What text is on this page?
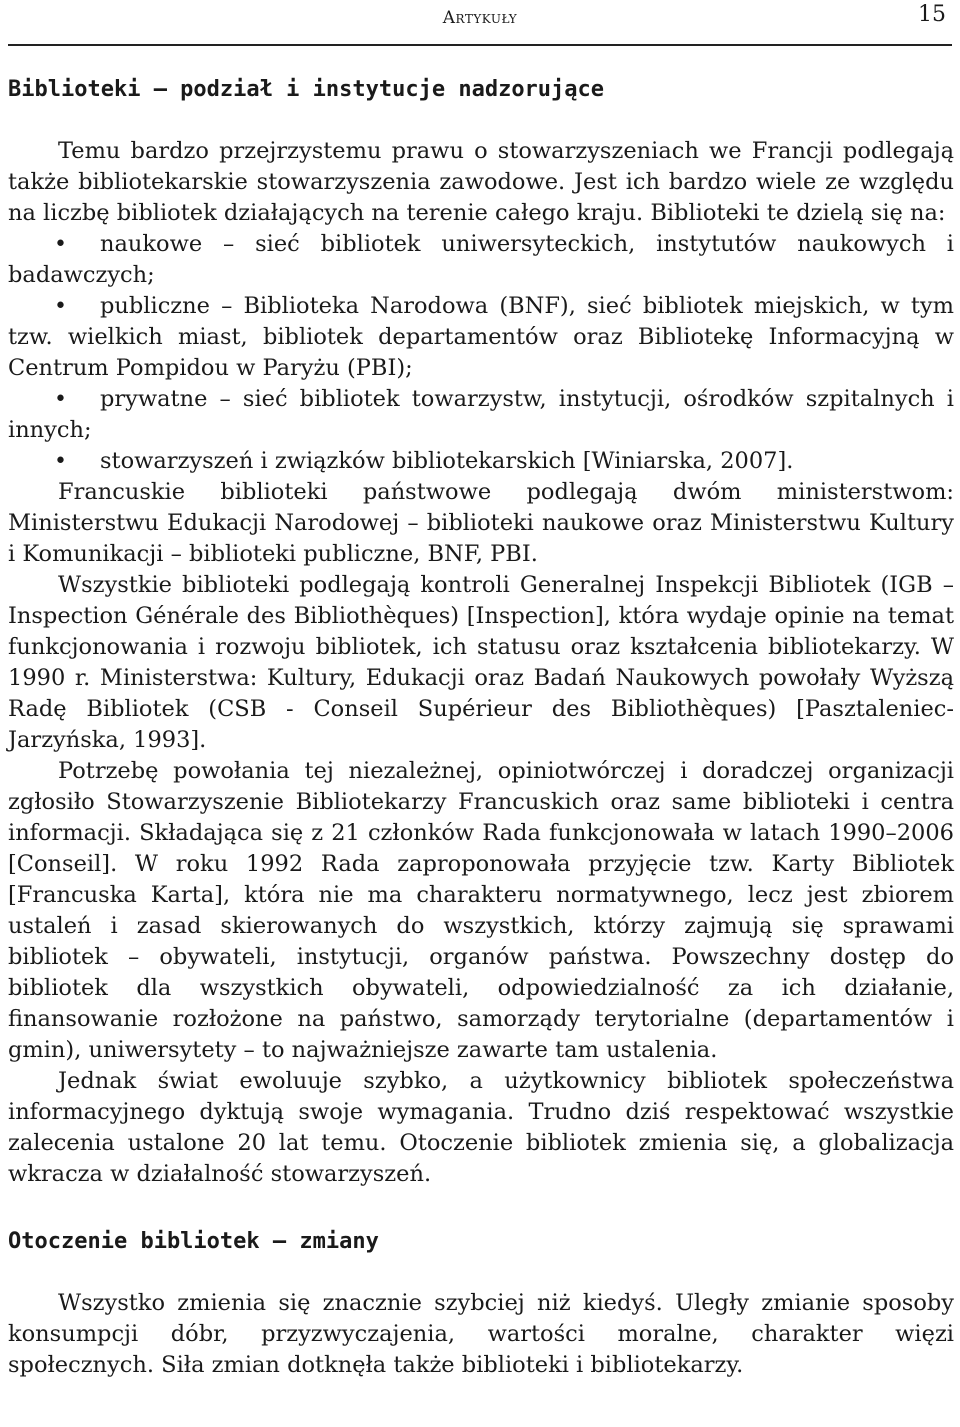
Artykuły	15
Biblioteki – podział i instytucje nadzorujące

Temu bardzo przejrzystemu prawu o stowarzyszeniach we Francji podlegają także bibliotekarskie stowarzyszenia zawodowe. Jest ich bardzo wiele ze względu na liczbę bibliotek działających na terenie całego kraju. Biblioteki te dzielą się na:

• naukowe – sieć bibliotek uniwersyteckich, instytutów naukowych i badawczych;
• publiczne – Biblioteka Narodowa (BNF), sieć bibliotek miejskich, w tym tzw. wielkich miast, bibliotek departamentów oraz Bibliotekę Informacyjną w Centrum Pompidou w Paryżu (PBI);
• prywatne – sieć bibliotek towarzystw, instytucji, ośrodków szpitalnych i innych;
• stowarzyszeń i związków bibliotekarskich [Winiarska, 2007].

Francuskie biblioteki państwowe podlegają dwóm ministerstwom: Ministerstwu Edukacji Narodowej – biblioteki naukowe oraz Ministerstwu Kultury i Komunikacji – biblioteki publiczne, BNF, PBI.

Wszystkie biblioteki podlegają kontroli Generalnej Inspekcji Bibliotek (IGB – Inspection Générale des Bibliothèques) [Inspection], która wydaje opinie na temat funkcjonowania i rozwoju bibliotek, ich statusu oraz kształcenia bibliotekarzy. W 1990 r. Ministerstwa: Kultury, Edukacji oraz Badań Naukowych powołały Wyższą Radę Bibliotek (CSB - Conseil Supérieur des Bibliothèques) [Pasztaleniec-Jarzyńska, 1993].

Potrzebę powołania tej niezależnej, opiniotwórczej i doradczej organizacji zgłosiło Stowarzyszenie Bibliotekarzy Francuskich oraz same biblioteki i centra informacji. Składająca się z 21 członków Rada funkcjonowała w latach 1990–2006 [Conseil]. W roku 1992 Rada zaproponowała przyjęcie tzw. Karty Bibliotek [Francuska Karta], która nie ma charakteru normatywnego, lecz jest zbiorem ustaleń i zasad skierowanych do wszystkich, którzy zajmują się sprawami bibliotek – obywateli, instytucji, organów państwa. Powszechny dostęp do bibliotek dla wszystkich obywateli, odpowiedzialność za ich działanie, finansowanie rozłożone na państwo, samorządy terytorialne (departamentów i gmin), uniwersytety – to najważniejsze zawarte tam ustalenia.

Jednak świat ewoluuje szybko, a użytkownicy bibliotek społeczeństwa informacyjnego dyktują swoje wymagania. Trudno dziś respektować wszystkie zalecenia ustalone 20 lat temu. Otoczenie bibliotek zmienia się, a globalizacja wkracza w działalność stowarzyszeń.

Otoczenie bibliotek – zmiany

Wszystko zmienia się znacznie szybciej niż kiedyś. Uległy zmianie sposoby konsumpcji dóbr, przyzwyczajenia, wartości moralne, charakter więzi społecznych. Siła zmian dotknęła także biblioteki i bibliotekarzy.
